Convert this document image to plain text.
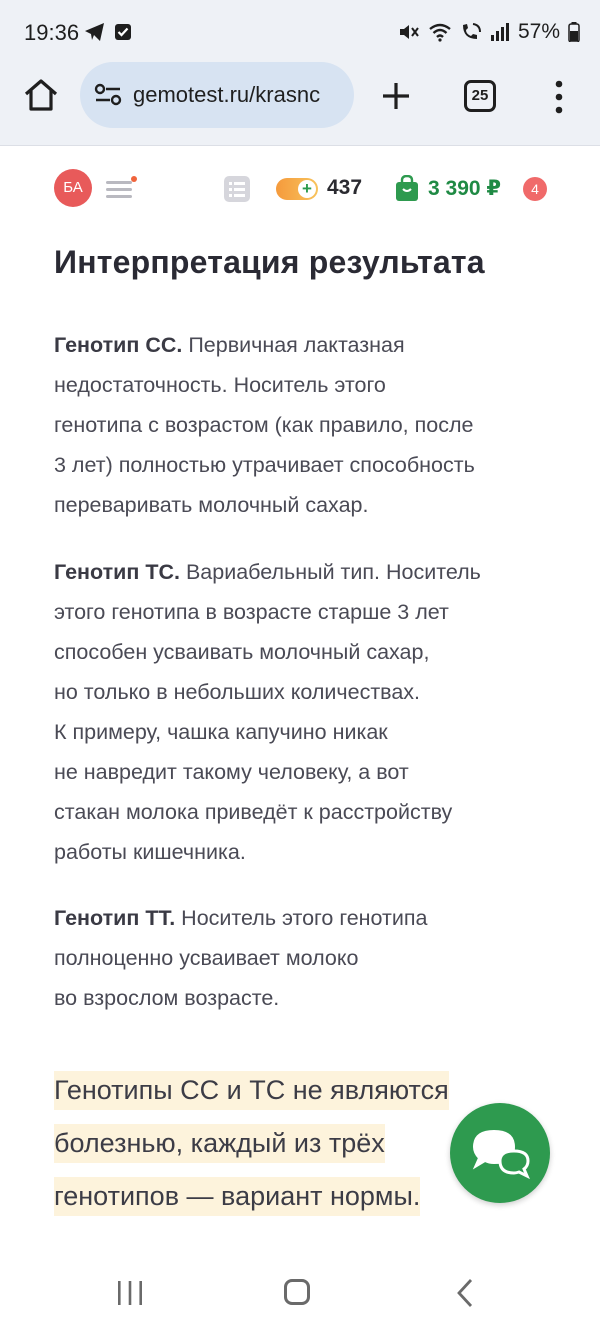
19:36	57%
gemotest.ru/krasnc	25
БА	+ 437	3 390 ₽	4
Интерпретация результата
Генотип CC. Первичная лактазная
недостаточность. Носитель этого
генотипа с возрастом (как правило, после
3 лет) полностью утрачивает способность
переваривать молочный сахар.
Генотип TC. Вариабельный тип. Носитель
этого генотипа в возрасте старше 3 лет
способен усваивать молочный сахар,
но только в небольших количествах.
К примеру, чашка капучино никак
не навредит такому человеку, а вот
стакан молока приведёт к расстройству
работы кишечника.
Генотип TT. Носитель этого генотипа
полноценно усваивает молоко
во взрослом возрасте.
Генотипы CC и TC не являются
болезнью, каждый из трёх
генотипов — вариант нормы.
